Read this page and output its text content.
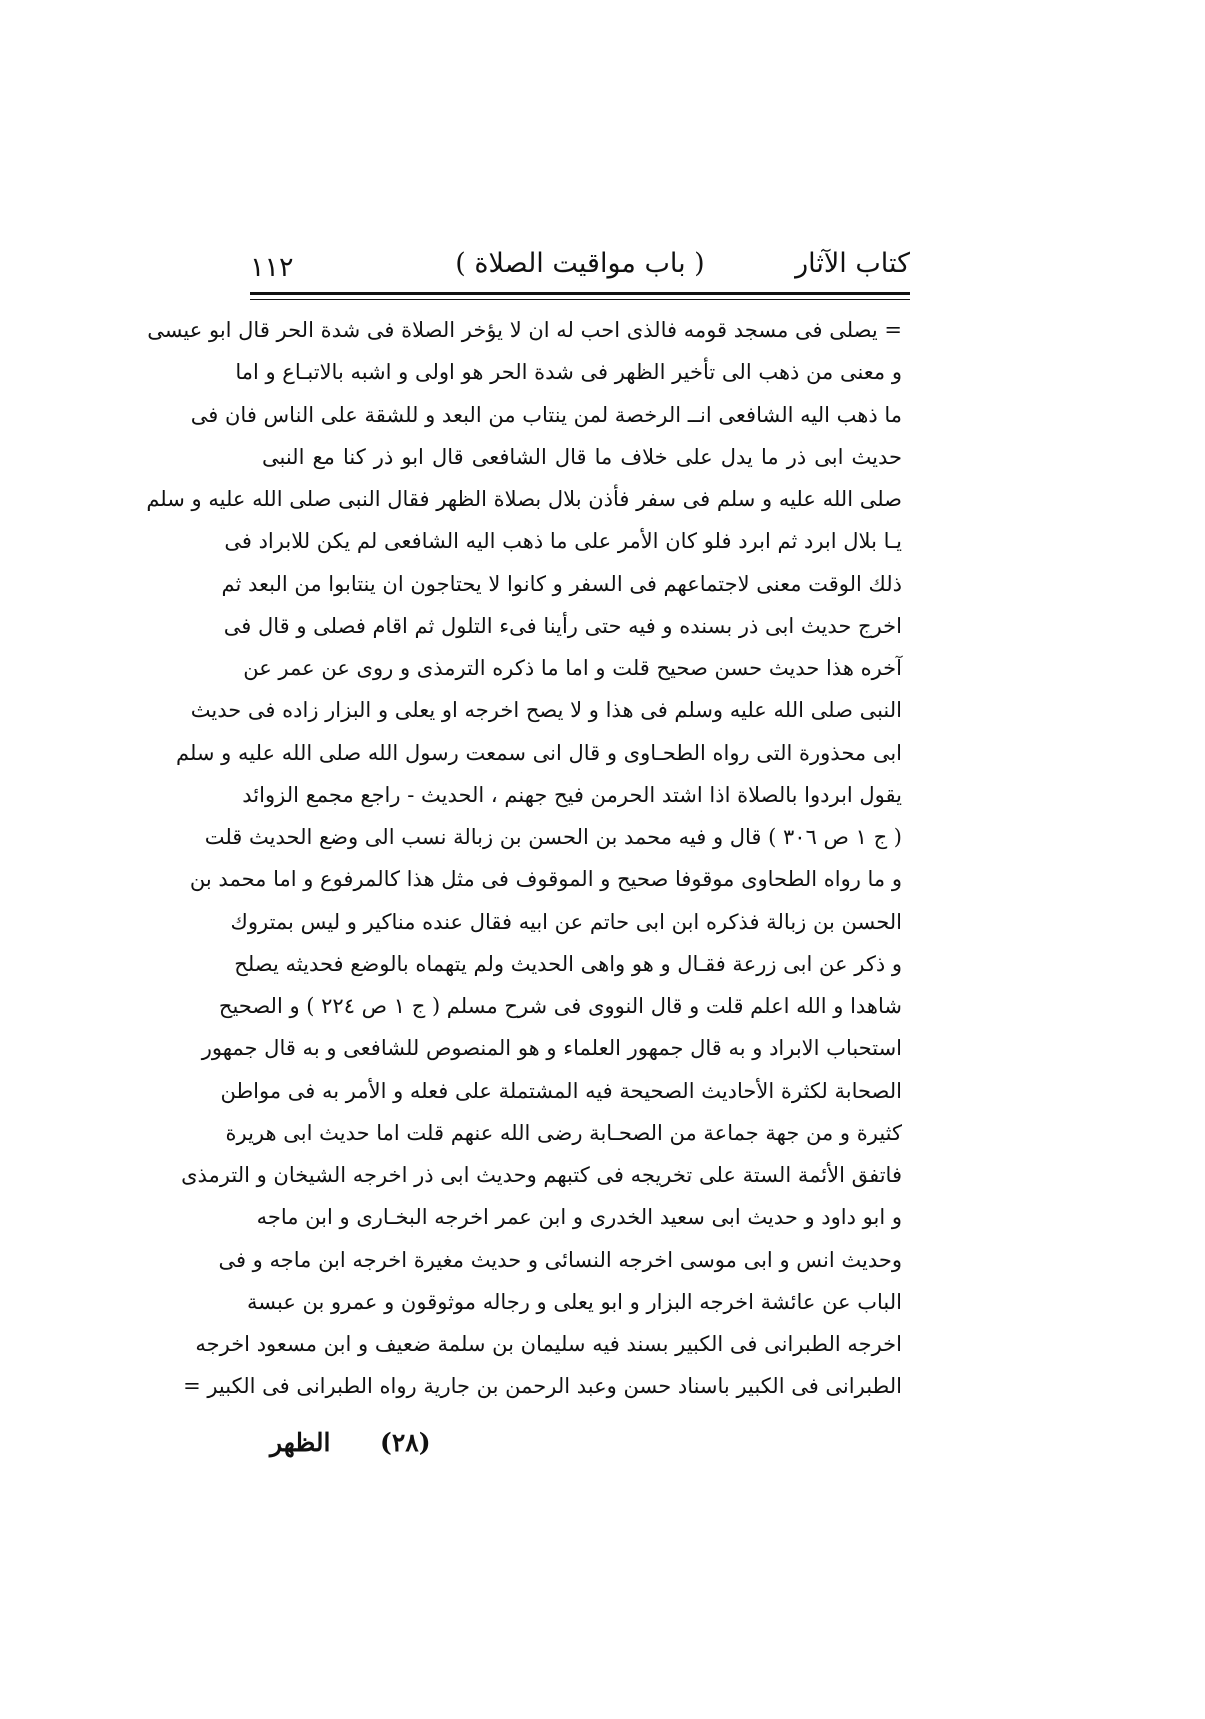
كتاب الآثار
( باب مواقيت الصلاة )
١١٢
= يصلى فى مسجد قومه فالذى احب له ان لا يؤخر الصلاة فى شدة الحر قال ابو عيسى
و معنى من ذهب الى تأخير الظهر فى شدة الحر هو اولى و اشبه بالاتبـاع و اما
ما ذهب اليه الشافعى انــ الرخصة لمن ينتاب من البعد و للشقة على الناس فان فى
حديث ابى ذر ما يدل على خلاف ما قال الشافعى قال ابو ذر كنا مع النبى
صلى الله عليه و سلم فى سفر فأذن بلال بصلاة الظهر فقال النبى صلى الله عليه و سلم
يـا بلال ابرد ثم ابرد فلو كان الأمر على ما ذهب اليه الشافعى لم يكن للابراد فى
ذلك الوقت معنى لاجتماعهم فى السفر و كانوا لا يحتاجون ان ينتابوا من البعد ثم
اخرج حديث ابى ذر بسنده و فيه حتى رأينا فىء التلول ثم اقام فصلى و قال فى
آخره هذا حديث حسن صحيح قلت و اما ما ذكره الترمذى و روى عن عمر عن
النبى صلى الله عليه وسلم فى هذا و لا يصح اخرجه او يعلى و البزار زاده فى حديث
ابى محذورة التى رواه الطحـاوى و قال انى سمعت رسول الله صلى الله عليه و سلم
يقول ابردوا بالصلاة اذا اشتد الحرمن فيح جهنم ، الحديث - راجع مجمع الزوائد
( ج ١ ص ٣٠٦ ) قال و فيه محمد بن الحسن بن زبالة نسب الى وضع الحديث قلت
و ما رواه الطحاوى موقوفا صحيح و الموقوف فى مثل هذا كالمرفوع و اما محمد بن
الحسن بن زبالة فذكره ابن ابى حاتم عن ابيه فقال عنده مناكير و ليس بمتروك
و ذكر عن ابى زرعة فقـال و هو واهى الحديث ولم يتهماه بالوضع فحديثه يصلح
شاهدا و الله اعلم قلت و قال النووى فى شرح مسلم ( ج ١ ص ٢٢٤ ) و الصحيح
استحباب الابراد و به قال جمهور العلماء و هو المنصوص للشافعى و به قال جمهور
الصحابة لكثرة الأحاديث الصحيحة فيه المشتملة على فعله و الأمر به فى مواطن
كثيرة و من جهة جماعة من الصحـابة رضى الله عنهم قلت اما حديث ابى هريرة
فاتفق الأئمة الستة على تخريجه فى كتبهم وحديث ابى ذر اخرجه الشيخان و الترمذى
و ابو داود و حديث ابى سعيد الخدرى و ابن عمر اخرجه البخـارى و ابن ماجه
وحديث انس و ابى موسى اخرجه النسائى و حديث مغيرة اخرجه ابن ماجه و فى
الباب عن عائشة اخرجه البزار و ابو يعلى و رجاله موثوقون و عمرو بن عبسة
اخرجه الطبرانى فى الكبير بسند فيه سليمان بن سلمة ضعيف و ابن مسعود اخرجه
الطبرانى فى الكبير باسناد حسن وعبد الرحمن بن جارية رواه الطبرانى فى الكبير =
الظهر (٢٨)
